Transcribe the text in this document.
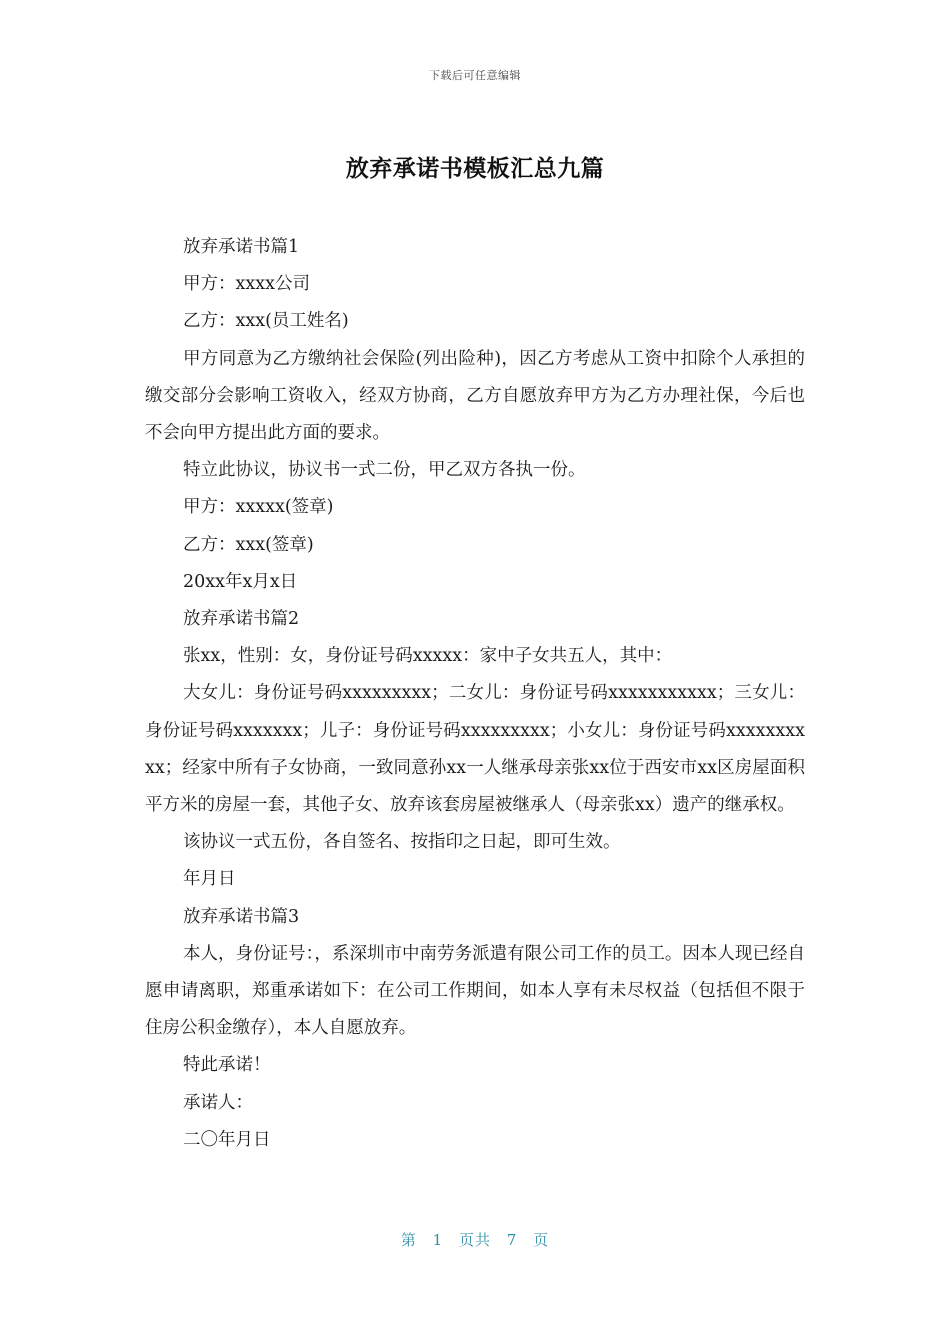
下载后可任意编辑
放弃承诺书模板汇总九篇

放弃承诺书篇1

甲方：xxxx公司

乙方：xxx(员工姓名)

甲方同意为乙方缴纳社会保险(列出险种)，因乙方考虑从工资中扣除个人承担的缴交部分会影响工资收入，经双方协商，乙方自愿放弃甲方为乙方办理社保，今后也不会向甲方提出此方面的要求。

特立此协议，协议书一式二份，甲乙双方各执一份。

甲方：xxxxx(签章)

乙方：xxx(签章)

20xx年x月x日

放弃承诺书篇2

张xx，性别：女，身份证号码xxxxx：家中子女共五人，其中：

大女儿：身份证号码xxxxxxxxx；二女儿：身份证号码xxxxxxxxxxx；三女儿：身份证号码xxxxxxx；儿子：身份证号码xxxxxxxxx；小女儿：身份证号码xxxxxxxxxx；经家中所有子女协商，一致同意孙xx一人继承母亲张xx位于西安市xx区房屋面积平方米的房屋一套，其他子女、放弃该套房屋被继承人（母亲张xx）遗产的继承权。

该协议一式五份，各自签名、按指印之日起，即可生效。

年月日

放弃承诺书篇3

本人，身份证号：，系深圳市中南劳务派遣有限公司工作的员工。因本人现已经自愿申请离职，郑重承诺如下：在公司工作期间，如本人享有未尽权益（包括但不限于住房公积金缴存），本人自愿放弃。

特此承诺！

承诺人：

二〇年月日

第 1 页共 7 页
